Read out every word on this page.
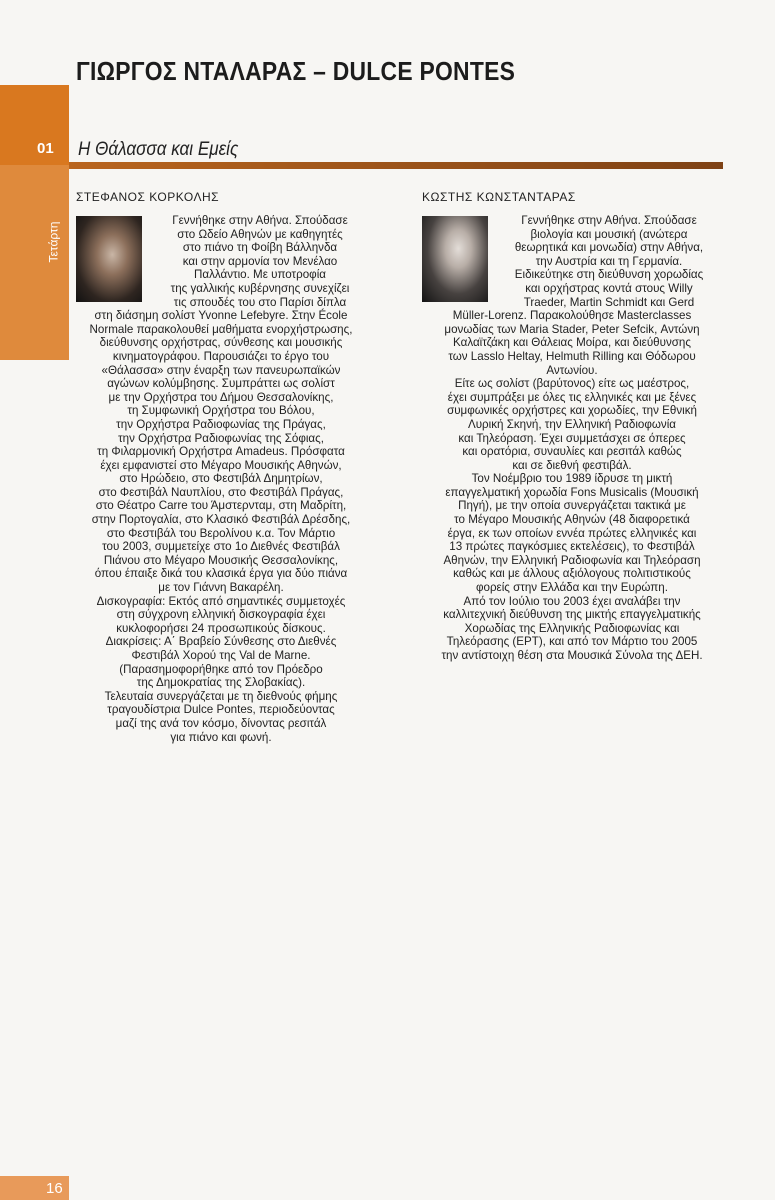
ΓΙΩΡΓΟΣ ΝΤΑΛΑΡΑΣ – DULCE PONTES
01
Τετάρτη
Η Θάλασσα και Εμείς
ΣΤΕΦΑΝΟΣ ΚΟΡΚΟΛΗΣ	ΚΩΣΤΗΣ ΚΩΝΣΤΑΝΤΑΡΑΣ

Γεννήθηκε στην Αθήνα. Σπούδασε

στο Ωδείο Αθηνών με καθηγητές

στο πιάνο τη Φοίβη Βάλληνδα

και στην αρμονία τον Μενέλαο

Παλλάντιο. Με υποτροφία

της γαλλικής κυβέρνησης συνεχίζει

τις σπουδές του στο Παρίσι δίπλα

στη διάσημη σολίστ Yvonne Lefebyre. Στην École

Normale παρακολουθεί μαθήματα ενορχήστρωσης,

διεύθυνσης ορχήστρας, σύνθεσης και μουσικής

κινηματογράφου. Παρουσιάζει το έργο του

«Θάλασσα» στην έναρξη των πανευρωπαϊκών

αγώνων κολύμβησης. Συμπράττει ως σολίστ

με την Ορχήστρα του Δήμου Θεσσαλονίκης,

τη Συμφωνική Ορχήστρα του Βόλου,

την Ορχήστρα Ραδιοφωνίας της Πράγας,

την Ορχήστρα Ραδιοφωνίας της Σόφιας,

τη Φιλαρμονική Ορχήστρα Amadeus. Πρόσφατα

έχει εμφανιστεί στο Μέγαρο Μουσικής Αθηνών,

στο Ηρώδειο, στο Φεστιβάλ Δημητρίων,

στο Φεστιβάλ Ναυπλίου, στο Φεστιβάλ Πράγας,

στο Θέατρο Carre του Άμστερνταμ, στη Μαδρίτη,

στην Πορτογαλία, στο Κλασικό Φεστιβάλ Δρέσδης,

στο Φεστιβάλ του Βερολίνου κ.α. Τον Μάρτιο

του 2003, συμμετείχε στο 1ο Διεθνές Φεστιβάλ

Πιάνου στο Μέγαρο Μουσικής Θεσσαλονίκης,

όπου έπαιξε δικά του κλασικά έργα για δύο πιάνα

με τον Γιάννη Βακαρέλη.

Δισκογραφία: Εκτός από σημαντικές συμμετοχές

στη σύγχρονη ελληνική δισκογραφία έχει

κυκλοφορήσει 24 προσωπικούς δίσκους.

Διακρίσεις: Α΄ Βραβείο Σύνθεσης στο Διεθνές

Φεστιβάλ Χορού της Val de Marne.

(Παρασημοφορήθηκε από τον Πρόεδρο

της Δημοκρατίας της Σλοβακίας).

Τελευταία συνεργάζεται με τη διεθνούς φήμης

τραγουδίστρια Dulce Pontes, περιοδεύοντας

μαζί της ανά τον κόσμο, δίνοντας ρεσιτάλ

για πιάνο και φωνή.

Γεννήθηκε στην Αθήνα. Σπούδασε

βιολογία και μουσική (ανώτερα

θεωρητικά και μονωδία) στην Αθήνα,

την Αυστρία και τη Γερμανία.

Ειδικεύτηκε στη διεύθυνση χορωδίας

και ορχήστρας κοντά στους Willy

Traeder, Martin Schmidt και Gerd

Müller-Lorenz. Παρακολούθησε Masterclasses

μονωδίας των Maria Stader, Peter Sefcik, Αντώνη

Καλαϊτζάκη και Θάλειας Μοίρα, και διεύθυνσης

των Lasslo Heltay, Helmuth Rilling και Θόδωρου

Αντωνίου.

Είτε ως σολίστ (βαρύτονος) είτε ως μαέστρος,

έχει συμπράξει με όλες τις ελληνικές και με ξένες

συμφωνικές ορχήστρες και χορωδίες, την Εθνική

Λυρική Σκηνή, την Ελληνική Ραδιοφωνία

και Τηλεόραση. Έχει συμμετάσχει σε όπερες

και ορατόρια, συναυλίες και ρεσιτάλ καθώς

και σε διεθνή φεστιβάλ.

Τον Νοέμβριο του 1989 ίδρυσε τη μικτή

επαγγελματική χορωδία Fons Musicalis (Μουσική

Πηγή), με την οποία συνεργάζεται τακτικά με

το Μέγαρο Μουσικής Αθηνών (48 διαφορετικά

έργα, εκ των οποίων εννέα πρώτες ελληνικές και

13 πρώτες παγκόσμιες εκτελέσεις), το Φεστιβάλ

Αθηνών, την Ελληνική Ραδιοφωνία και Τηλεόραση

καθώς και με άλλους αξιόλογους πολιτιστικούς

φορείς στην Ελλάδα και την Ευρώπη.

Από τον Ιούλιο του 2003 έχει αναλάβει την

καλλιτεχνική διεύθυνση της μικτής επαγγελματικής

Χορωδίας της Ελληνικής Ραδιοφωνίας και

Τηλεόρασης (ΕΡΤ), και από τον Μάρτιο του 2005

την αντίστοιχη θέση στα Μουσικά Σύνολα της ΔΕΗ.

16
